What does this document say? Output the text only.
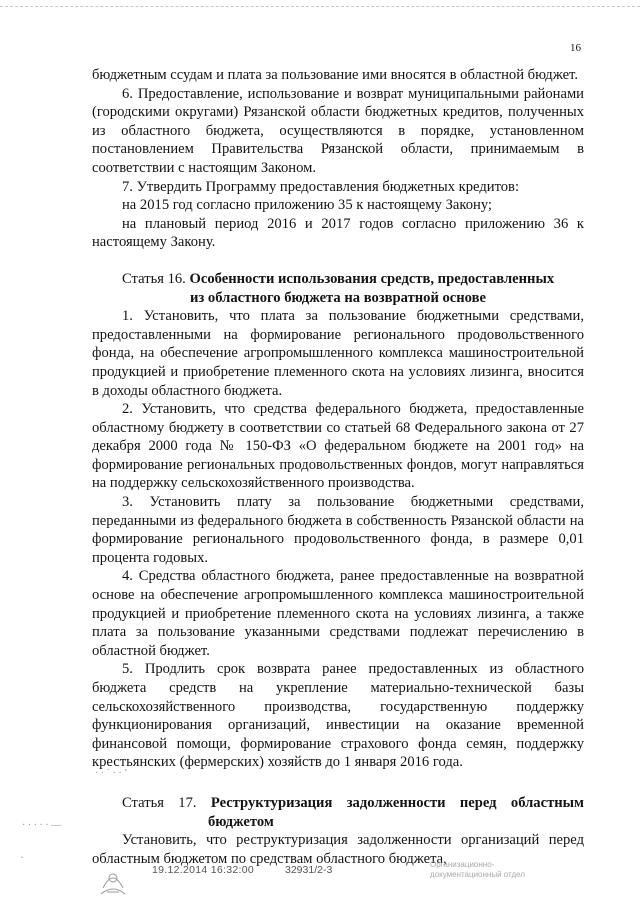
16

бюджетным ссудам и плата за пользование ими вносятся в областной бюджет.

6. Предоставление, использование и возврат муниципальными районами (городскими округами) Рязанской области бюджетных кредитов, полученных из областного бюджета, осуществляются в порядке, установленном постановлением Правительства Рязанской области, принимаемым в соответствии с настоящим Законом.

7. Утвердить Программу предоставления бюджетных кредитов:

на 2015 год согласно приложению 35 к настоящему Закону;

на плановый период 2016 и 2017 годов согласно приложению 36 к настоящему Закону.

Статья 16. Особенности использования средств, предоставленных

из областного бюджета на возвратной основе

1. Установить, что плата за пользование бюджетными средствами, предоставленными на формирование регионального продовольственного фонда, на обеспечение агропромышленного комплекса машиностроительной продукцией и приобретение племенного скота на условиях лизинга, вносится в доходы областного бюджета.

2. Установить, что средства федерального бюджета, предоставленные областному бюджету в соответствии со статьей 68 Федерального закона от 27 декабря 2000 года № 150-ФЗ «О федеральном бюджете на 2001 год» на формирование региональных продовольственных фондов, могут направляться на поддержку сельскохозяйственного производства.

3. Установить плату за пользование бюджетными средствами, переданными из федерального бюджета в собственность Рязанской области на формирование регионального продовольственного фонда, в размере 0,01 процента годовых.

4. Средства областного бюджета, ранее предоставленные на возвратной основе на обеспечение агропромышленного комплекса машиностроительной продукцией и приобретение племенного скота на условиях лизинга, а также плата за пользование указанными средствами подлежат перечислению в областной бюджет.

5. Продлить срок возврата ранее предоставленных из областного бюджета средств на укрепление материально-технической базы сельскохозяйственного производства, государственную поддержку функционирования организаций, инвестиции на оказание временной финансовой помощи, формирование страхового фонда семян, поддержку крестьянских (фермерских) хозяйств до 1 января 2016 года.

Статья 17. Реструктуризация задолженности перед областным

бюджетом

Установить, что реструктуризация задолженности организаций перед областным бюджетом по средствам областного бюджета,

· · ˙ · · ’
· · · · · —
·
19.12.2014 16:32:00	32931/2-3	Организационно-
документационный отдел
